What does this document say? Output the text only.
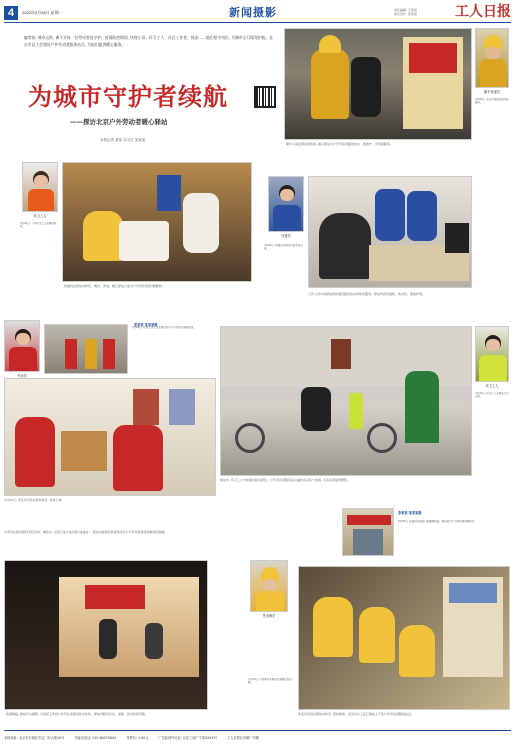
4	2022年3月28日 星期一	新闻摄影	责任编辑: 于某某
版式设计: 某某某	工人日报
编者按: 城市运转, 离不开每一位劳动者的守护。疫情防控期间, 快递小哥、环卫工人、社区工作者、保安……他们坚守岗位, 为城市运行保驾护航。北京市总工会建设户外劳动者服务站点, 为他们提供暖心服务。
为城市守护者续航
——探访北京户外劳动者暖心驿站
本报记者 某某 实习生 某某某
顺丰快递员
3月20日, 北京市某驿站迎来快递员。
顺丰小哥在驿站里热饭, 暖心驿站为户外劳动者提供热水、微波炉、充电等服务。
环卫工人
3月20日, 一名环卫工人在驿站休息。
快递员在驿站内休息、喝水、充电。暖心驿站已成为户外劳动者的"歇脚地"。
快递员
3月20日, 快递员在驿站内给手机充电。
工作人员为来驿站的快递员提供热水和休息服务。驿站内设有桌椅、饮水机、微波炉等。
张某某 某某某摄
外卖员
3月22日, 社区工作人员在驿站内为户外劳动者准备热饭。
3月22日, 多名外卖员在驿站休息, 等待订单。
驿站外, 环卫工人与快递员骑车经过。户外劳动者服务站点遍布北京各个街道, 为劳动者提供便利。
环卫工人
3月22日, 环卫工人在驿站门口合影。
李某某 某某某摄
3月23日, 快递员在驿站门前整理包裹。驿站成为户外劳动者温暖的家。
外卖员在驿站里给手机充电、喝热水, 这里已成为他们的"加油站"。驿站内提供的热饭热水让户外劳动者感受到城市的温暖。
夜幕降临, 驿站灯火通明, 为夜间工作的户外劳动者提供休息场所。驿站内配有沙发、桌椅、饮水机等设施。
外卖骑手
3月24日, 外卖骑手在驿站外准备出发送餐。
多名外卖员在驿站内休息, 等待接单。北京市总工会已建成上千家户外劳动者服务站点。
本报地址: 北京市东城区安定门东大街10号	总编室电话: 010-8407XXXX	零售价: 1.50元	广告经营许可证: 京东工商广字第XXXX号	工人日报社印刷厂印刷
